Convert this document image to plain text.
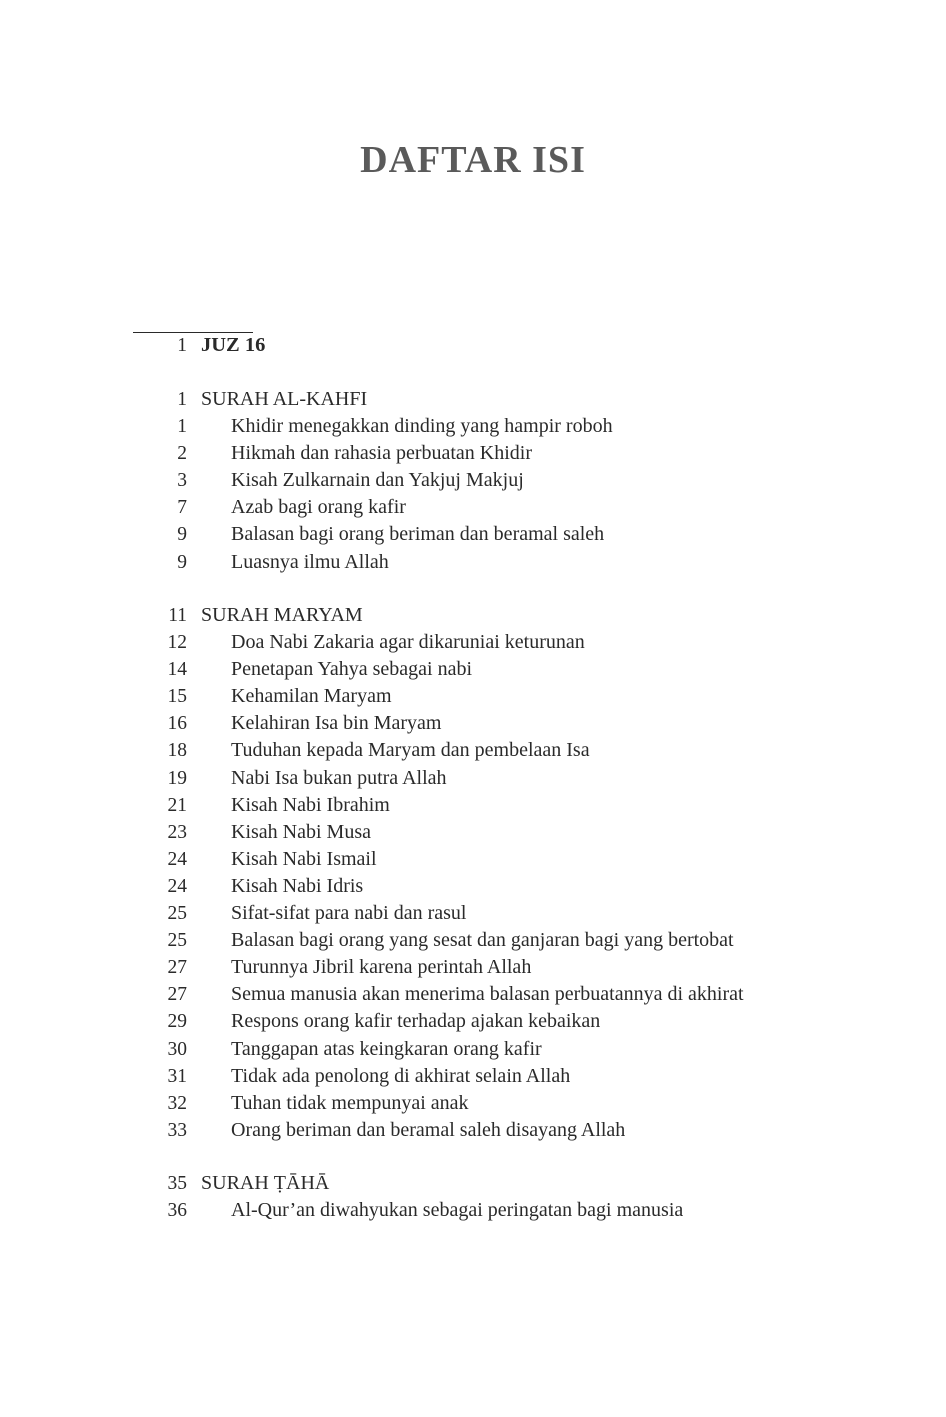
DAFTAR ISI
1 JUZ 16
1 SURAH AL-KAHFI
1 Khidir menegakkan dinding yang hampir roboh
2 Hikmah dan rahasia perbuatan Khidir
3 Kisah Zulkarnain dan Yakjuj Makjuj
7 Azab bagi orang kafir
9 Balasan bagi orang beriman dan beramal saleh
9 Luasnya ilmu Allah
11 SURAH MARYAM
12 Doa Nabi Zakaria agar dikaruniai keturunan
14 Penetapan Yahya sebagai nabi
15 Kehamilan Maryam
16 Kelahiran Isa bin Maryam
18 Tuduhan kepada Maryam dan pembelaan Isa
19 Nabi Isa bukan putra Allah
21 Kisah Nabi Ibrahim
23 Kisah Nabi Musa
24 Kisah Nabi Ismail
24 Kisah Nabi Idris
25 Sifat-sifat para nabi dan rasul
25 Balasan bagi orang yang sesat dan ganjaran bagi yang bertobat
27 Turunnya Jibril karena perintah Allah
27 Semua manusia akan menerima balasan perbuatannya di akhirat
29 Respons orang kafir terhadap ajakan kebaikan
30 Tanggapan atas keingkaran orang kafir
31 Tidak ada penolong di akhirat selain Allah
32 Tuhan tidak mempunyai anak
33 Orang beriman dan beramal saleh disayang Allah
35 SURAH ṬĀHĀ
36 Al-Qur’an diwahyukan sebagai peringatan bagi manusia
